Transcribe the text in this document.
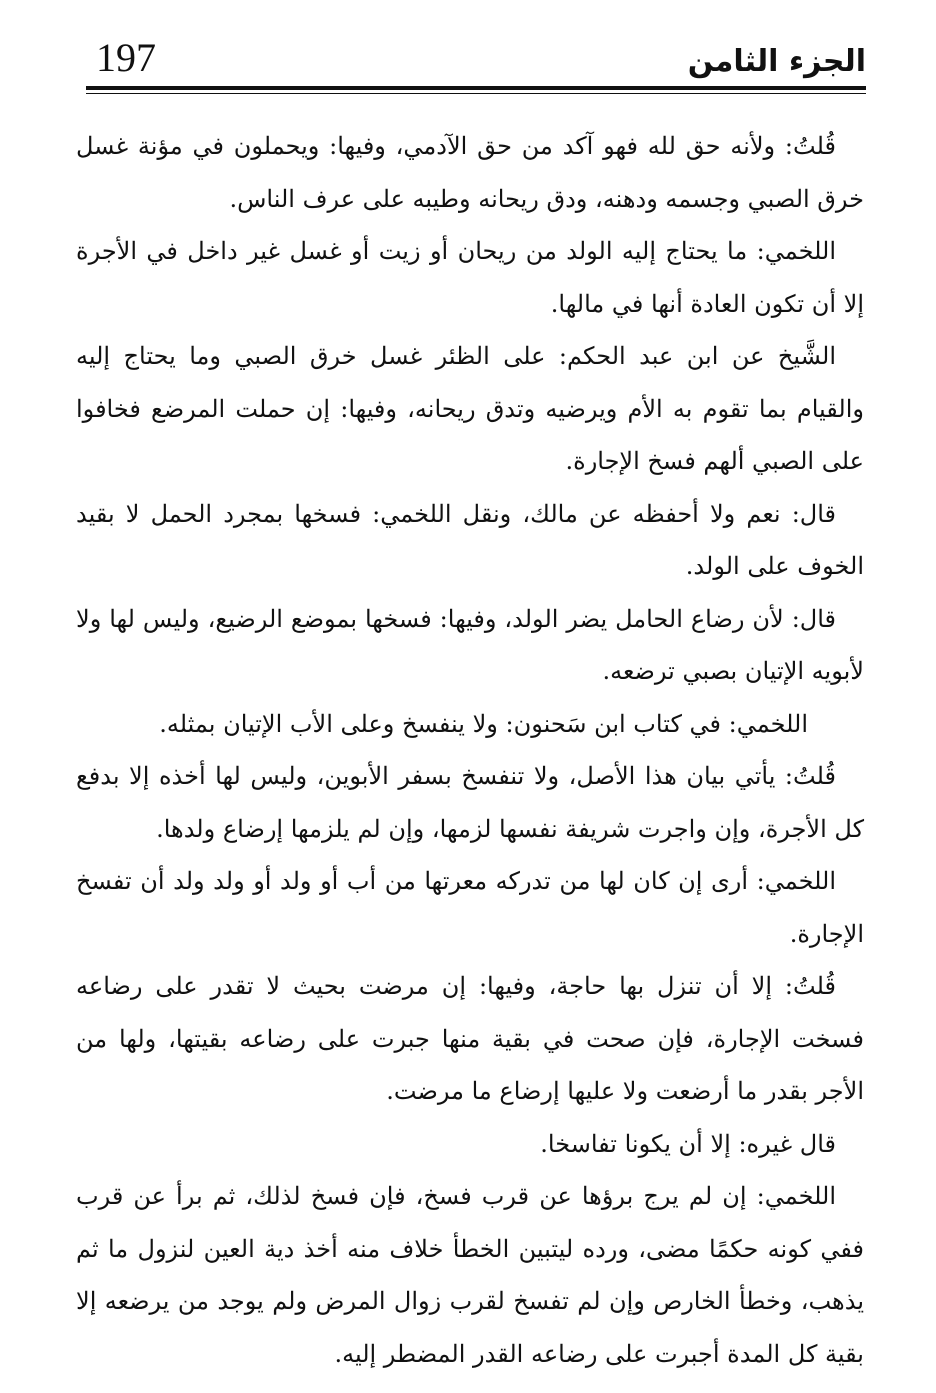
197	الجزء الثامن

قُلتُ: ولأنه حق لله فهو آكد من حق الآدمي، وفيها: ويحملون في مؤنة غسل خرق الصبي وجسمه ودهنه، ودق ريحانه وطيبه على عرف الناس.

اللخمي: ما يحتاج إليه الولد من ريحان أو زيت أو غسل غير داخل في الأجرة إلا أن تكون العادة أنها في مالها.

الشَّيخ عن ابن عبد الحكم: على الظئر غسل خرق الصبي وما يحتاج إليه والقيام بما تقوم به الأم ويرضيه وتدق ريحانه، وفيها: إن حملت المرضع فخافوا على الصبي ألهم فسخ الإجارة.

قال: نعم ولا أحفظه عن مالك، ونقل اللخمي: فسخها بمجرد الحمل لا بقيد الخوف على الولد.

قال: لأن رضاع الحامل يضر الولد، وفيها: فسخها بموضع الرضيع، وليس لها ولا لأبويه الإتيان بصبي ترضعه.

اللخمي: في كتاب ابن سَحنون: ولا ينفسخ وعلى الأب الإتيان بمثله.

قُلتُ: يأتي بيان هذا الأصل، ولا تنفسخ بسفر الأبوين، وليس لها أخذه إلا بدفع كل الأجرة، وإن واجرت شريفة نفسها لزمها، وإن لم يلزمها إرضاع ولدها.

اللخمي: أرى إن كان لها من تدركه معرتها من أب أو ولد أو ولد ولد أن تفسخ الإجارة.

قُلتُ: إلا أن تنزل بها حاجة، وفيها: إن مرضت بحيث لا تقدر على رضاعه فسخت الإجارة، فإن صحت في بقية منها جبرت على رضاعه بقيتها، ولها من الأجر بقدر ما أرضعت ولا عليها إرضاع ما مرضت.

قال غيره: إلا أن يكونا تفاسخا.

اللخمي: إن لم يرج برؤها عن قرب فسخ، فإن فسخ لذلك، ثم برأ عن قرب ففي كونه حكمًا مضى، ورده ليتبين الخطأ خلاف منه أخذ دية العين لنزول ما ثم يذهب، وخطأ الخارص وإن لم تفسخ لقرب زوال المرض ولم يوجد من يرضعه إلا بقية كل المدة أجبرت على رضاعه القدر المضطر إليه.
